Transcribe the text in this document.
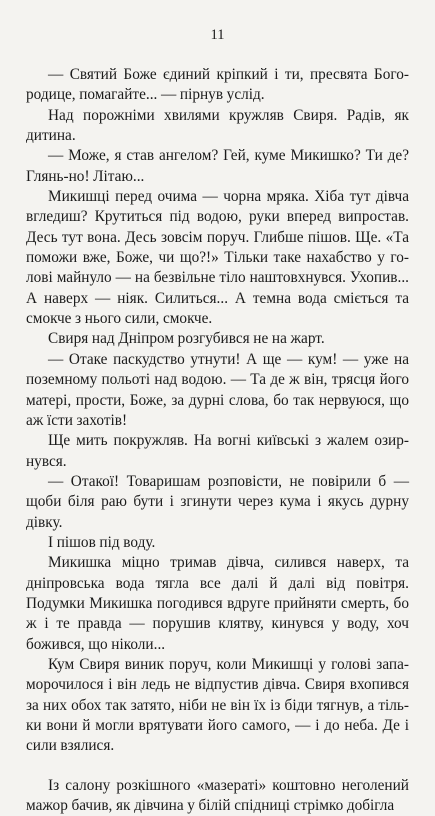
11

— Святий Боже єдиний кріпкий і ти, пресвята Богородице, помагайте... — пірнув услід.

Над порожніми хвилями кружляв Свиря. Радів, як дитина.

— Може, я став ангелом? Гей, куме Микишко? Ти де? Глянь-но! Літаю...

Микишці перед очима — чорна мряка. Хіба тут дівча вгледиш? Крутиться під водою, руки вперед випростав. Десь тут вона. Десь зовсім поруч. Глибше пішов. Ще. «Та поможи вже, Боже, чи що?!» Тільки таке нахабство у голові майнуло — на безвільне тіло наштовхнувся. Ухопив... А наверх — ніяк. Силиться... А темна вода сміється та смокче з нього сили, смокче.

Свиря над Дніпром розгубився не на жарт.

— Отаке паскудство утнути! А ще — кум! — уже на поземному польоті над водою. — Та де ж він, трясця його матері, прости, Боже, за дурні слова, бо так нервуюся, що аж їсти захотів!

Ще мить покружляв. На вогні київські з жалем озирнувся.

— Отакої! Товаришам розповісти, не повірили б — щоби біля раю бути і згинути через кума і якусь дурну дівку.

І пішов під воду.

Микишка міцно тримав дівча, силився наверх, та дніпровська вода тягла все далі й далі від повітря. Подумки Микишка погодився вдруге прийняти смерть, бо ж і те правда — порушив клятву, кинувся у воду, хоч божився, що ніколи...

Кум Свиря виник поруч, коли Микишці у голові запаморочилося і він ледь не відпустив дівча. Свиря вхопився за них обох так затято, ніби не він їх із біди тягнув, а тільки вони й могли врятувати його самого, — і до неба. Де і сили взялися.

Із салону розкішного «мазераті» коштовно неголений мажор бачив, як дівчина у білій спідниці стрімко добігла
